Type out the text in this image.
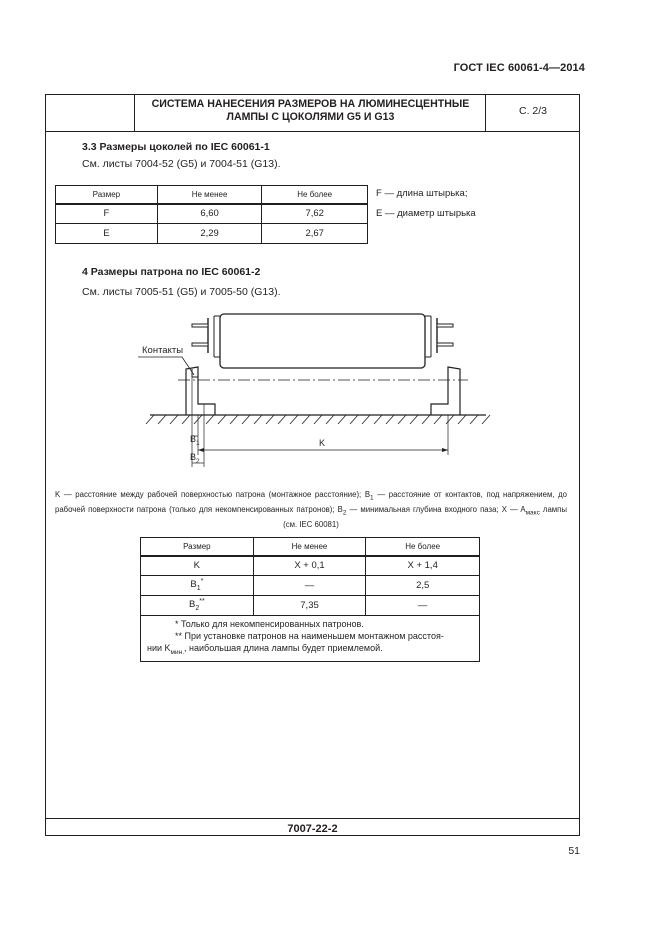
ГОСТ IEC 60061-4—2014
СИСТЕМА НАНЕСЕНИЯ РАЗМЕРОВ НА ЛЮМИНЕСЦЕНТНЫЕ
ЛАМПЫ С ЦОКОЛЯМИ G5 И G13	С. 2/3
3.3 Размеры цоколей по IEC 60061-1
См. листы 7004-52 (G5) и 7004-51 (G13).
Размер	Не менее	Не более
F	6,60	7,62
E	2,29	2,67
F — длина штырька;
E — диаметр штырька
4 Размеры патрона по IEC 60061-2
См. листы 7005-51 (G5) и 7005-50 (G13).
Контакты
K
$B_1$
$B_2$
K — расстояние между рабочей поверхностью патрона (монтажное расстояние); $B_1$ — расстояние от контактов, под напряжением, до рабочей поверхности патрона (только для некомпенсированных патронов); $B_2$ — минимальная глубина входного паза; X — $A_{макс}$ лампы (см. IEC 60081)
Размер	Не менее	Не более
K	X + 0,1	X + 1,4
$B_1^*$	—	2,5
$B_2^{**}$	7,35	—

* Только для некомпенсированных патронов.
** При установке патронов на наименьшем монтажном расстоя-
нии $K_{мин.}$, наибольшая длина лампы будет приемлемой.		
7007-22-2
51
